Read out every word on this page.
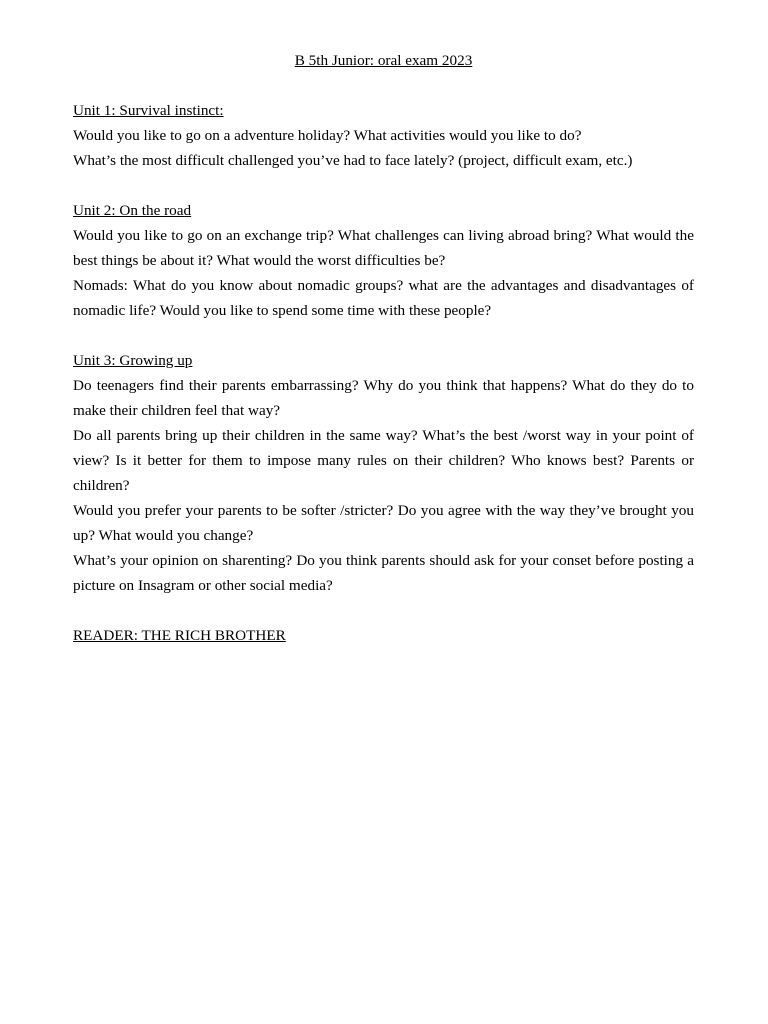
B 5th Junior: oral exam 2023

Unit 1: Survival instinct:

Would you like to go on a adventure holiday? What activities would you like to do?

What’s the most difficult challenged you’ve had to face lately? (project, difficult exam, etc.)

Unit 2: On the road

Would you like to go on an exchange trip? What challenges can living abroad bring? What would the best things be about it? What would the worst difficulties be?

Nomads: What do you know about nomadic groups? what are the advantages and disadvantages of nomadic life? Would you like to spend some time with these people?

Unit 3: Growing up

Do teenagers find their parents embarrassing? Why do you think that happens? What do they do to make their children feel that way?

Do all parents bring up their children in the same way? What’s the best /worst way in your point of view? Is it better for them to impose many rules on their children? Who knows best? Parents or children?

Would you prefer your parents to be softer /stricter? Do you agree with the way they’ve brought you up? What would you change?

What’s your opinion on sharenting? Do you think parents should ask for your conset before posting a picture on Insagram or other social media?

READER: THE RICH BROTHER
